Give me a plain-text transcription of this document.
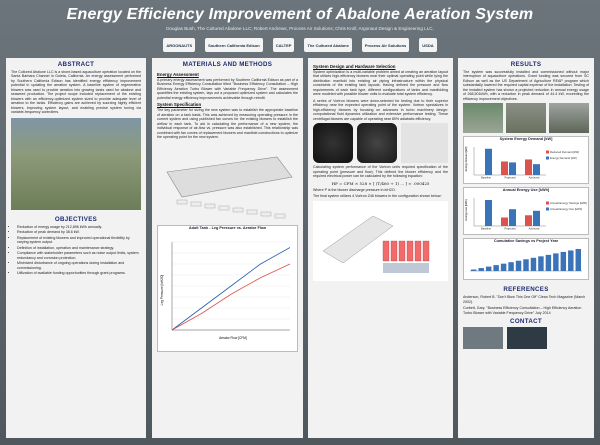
Energy Efficiency Improvement of Abalone Aeration System
Douglas Bush, The Cultured Abalone LLC; Robert Andrews, Process Air Solutions; Chris Kroll; Argonaut Design & Engineering LLC.
ARGONAUTS	Southern California Edison	CALTEP	The Cultured Abalone	Process Air Solutions	USDA
ABSTRACT
The Cultured Abalone LLC is a shore-based aquaculture operation located on the Santa Barbara Channel in Goleta, California. An energy assessment performed by Southern California Edison has identified energy efficiency improvement potential in updating the aeration system. A baseline system of regenerative blowers was used to provide aeration into growing tanks used for abalone and seaweed production. The project scope included replacement of the existing blowers with an efficiency-optimized system sized to provide adequate level of aeration to the tanks. Efficiency gains are achieved by sourcing highly efficient blowers, improving system layout, and enabling precise system tuning via variable-frequency controllers.
OBJECTIVES
• Reduction of energy usage by 212,896 kWh annually.
• Reduction of peak demand by 38.6 kW.
• Replacement of existing blowers and improved operational flexibility by varying system output.
• Definition of installation, operation and maintenance strategy.
• Compliance with stakeholder parameters such as noise output limits, system redundancy and corrosion protection.
• Minimized disturbance of ongoing operations during installation and commissioning.
• Utilization of available funding opportunities through grant programs.
MATERIALS AND METHODS
Energy Assessment
A primary energy assessment was performed by Southern California Edison as part of a Business Energy Efficiency Consultation titled "Business Efficiency Consultation – High Efficiency Aeration Turbo Blower with Variable Frequency Drive". The assessment quantifies the existing system, lays out a proposed optimized system and calculates the potential energy efficiency improvements achievable through retrofit.
System Specification
The key parameter for sizing the new system was to establish the appropriate baseline of aeration on a tank basis. This was achieved by measuring operating pressure in the current system and using published fan curves for the existing blowers to establish the airflow in each tank. To aid in calculating the performance of a new system, the individual response of air-flow vs. pressure was also established. This relationship was combined with fan curves of replacement blowers and manifold constructions to optimize the operating point for the new system.
Adult Tank - Leg Pressure vs. Aerator Flow
Leg Pressure [inH2O]
Aerator Flow [CFM]
System Design and Hardware Selection
System optimization is a multi-variable problem aimed at creating an aeration layout that utilizes high-efficiency blowers near their optimal operating point while tying the distribution manifold into existing air piping infrastructure within the physical constraints of the existing tank layouts. Having defined the pressure and flow requirements of each tank type, different configurations of tanks and manifolding were modeled with possible blower units to evaluate total system efficiency.
A series of Vortron blowers were down-selected for testing due to their superior efficiency near the expected operating point of the system. Vortron specializes in high-efficiency blowers by focusing on advances in turbo machinery design: computational fluid dynamics utilization and extensive performance testing. These centrifugal blowers are capable of operating near 80% adiabatic efficiency.
Calculating system performance of the Vortron units required specification of the operating point (pressure and flow). This defined the blower efficiency and the required electrical power can be calculated by the following equation:
HP = CFM × 528 × [ (T/460 + 1) ... ] ≈ .000425
Where P is the blower discharge pressure in inH2O.
The final system utilizes 4 Vortron Z46 blowers in the configuration shown below:
RESULTS
The system was successfully installed and commissioned without major interruption of aquaculture operations. Grant funding was secured from SC Edison as well as the US Department of Agriculture REAP program which substantially lowered the required capital expense of the installation. Testing of the installed system has shown a projected reduction in annual energy usage of 268,501kWh, with a reduction in peak demand of 44.4 kW, exceeding the efficiency improvement objectives.
System Energy Demand [kW]
Energy Demand [kW]	Reduced Demand [kW]
Energy Demand [kW]
Baseline	Projected	Achieved
Annual Energy Use [kWh]
Energy Use [kWh]	Annual Energy Savings [kWh]
Annual Energy Use [kWh]
Baseline	Projected	Achieved
Cumulative Savings vs Project Year
REFERENCES
Anderson, Robert B. "Don't Blow This One Off" Clean Tech Magazine (March 2002).
Corbett, Gary. "Business Efficiency Consultation – High Efficiency Aeration Turbo Blower with Variable Frequency Drive" July 2014
CONTACT
